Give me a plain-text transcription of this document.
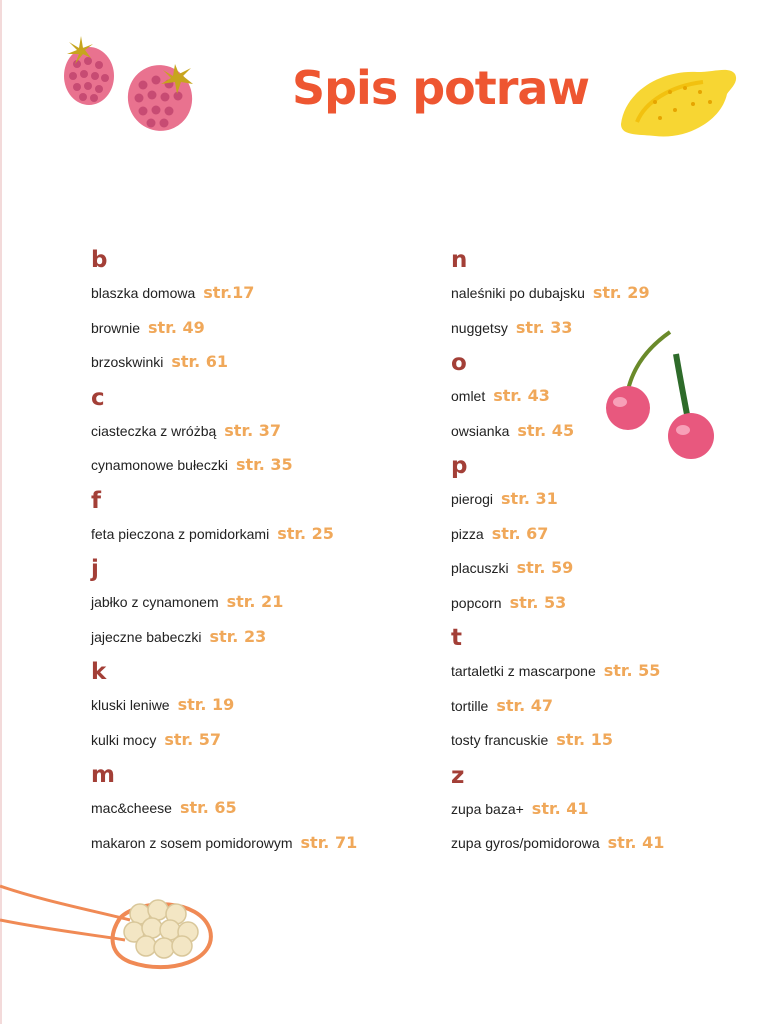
Spis potraw
b
blaszka domowa str.17
brownie str. 49
brzoskwinki str. 61
c
ciasteczka z wróżbą str. 37
cynamonowe bułeczki str. 35
f
feta pieczona z pomidorkami str. 25
j
jabłko z cynamonem str. 21
jajeczne babeczki str. 23
k
kluski leniwe str. 19
kulki mocy str. 57
m
mac&cheese str. 65
makaron z sosem pomidorowym str. 71
n
naleśniki po dubajsku str. 29
nuggetsy str. 33
o
omlet str. 43
owsianka str. 45
p
pierogi str. 31
pizza str. 67
placuszki str. 59
popcorn str. 53
t
tartaletki z mascarpone str. 55
tortille str. 47
tosty francuskie str. 15
z
zupa baza+ str. 41
zupa gyros/pomidorowa str. 41
